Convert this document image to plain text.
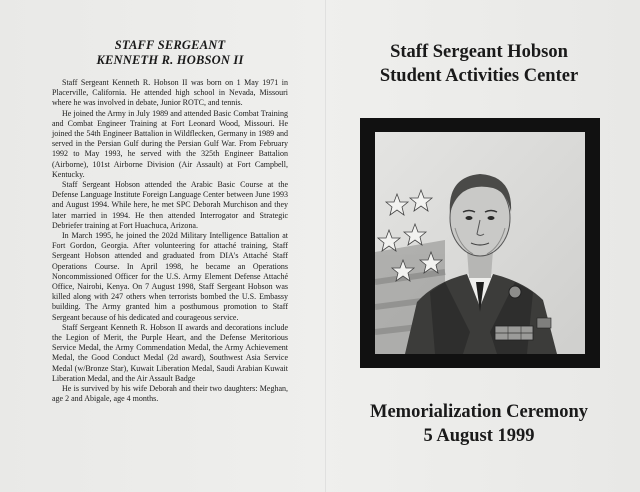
STAFF SERGEANT
KENNETH R. HOBSON II

Staff Sergeant Kenneth R. Hobson II was born on 1 May 1971 in Placerville, California. He attended high school in Nevada, Missouri where he was involved in debate, Junior ROTC, and tennis.

He joined the Army in July 1989 and attended Basic Combat Training and Combat Engineer Training at Fort Leonard Wood, Missouri. He joined the 54th Engineer Battalion in Wildflecken, Germany in 1989 and served in the Persian Gulf during the Persian Gulf War. From February 1992 to May 1993, he served with the 325th Engineer Battalion (Airborne), 101st Airborne Division (Air Assault) at Fort Campbell, Kentucky.

Staff Sergeant Hobson attended the Arabic Basic Course at the Defense Language Institute Foreign Language Center between June 1993 and August 1994. While here, he met SPC Deborah Murchison and they later married in 1994. He then attended Interrogator and Strategic Debriefer training at Fort Huachuca, Arizona.

In March 1995, he joined the 202d Military Intelligence Battalion at Fort Gordon, Georgia. After volunteering for attaché training, Staff Sergeant Hobson attended and graduated from DIA's Attaché Staff Operations Course. In April 1998, he became an Operations Noncommissioned Officer for the U.S. Army Element Defense Attaché Office, Nairobi, Kenya. On 7 August 1998, Staff Sergeant Hobson was killed along with 247 others when terrorists bombed the U.S. Embassy building. The Army granted him a posthumous promotion to Staff Sergeant because of his dedicated and courageous service.

Staff Sergeant Kenneth R. Hobson II awards and decorations include the Legion of Merit, the Purple Heart, and the Defense Meritorious Service Medal, the Army Commendation Medal, the Army Achievement Medal, the Good Conduct Medal (2d award), Southwest Asia Service Medal (w/Bronze Star), Kuwait Liberation Medal, Saudi Arabian Kuwait Liberation Medal, and the Air Assault Badge

He is survived by his wife Deborah and their two daughters: Meghan, age 2 and Abigale, age 4 months.

Staff Sergeant Hobson
Student Activities Center
Memorialization Ceremony
5 August 1999
